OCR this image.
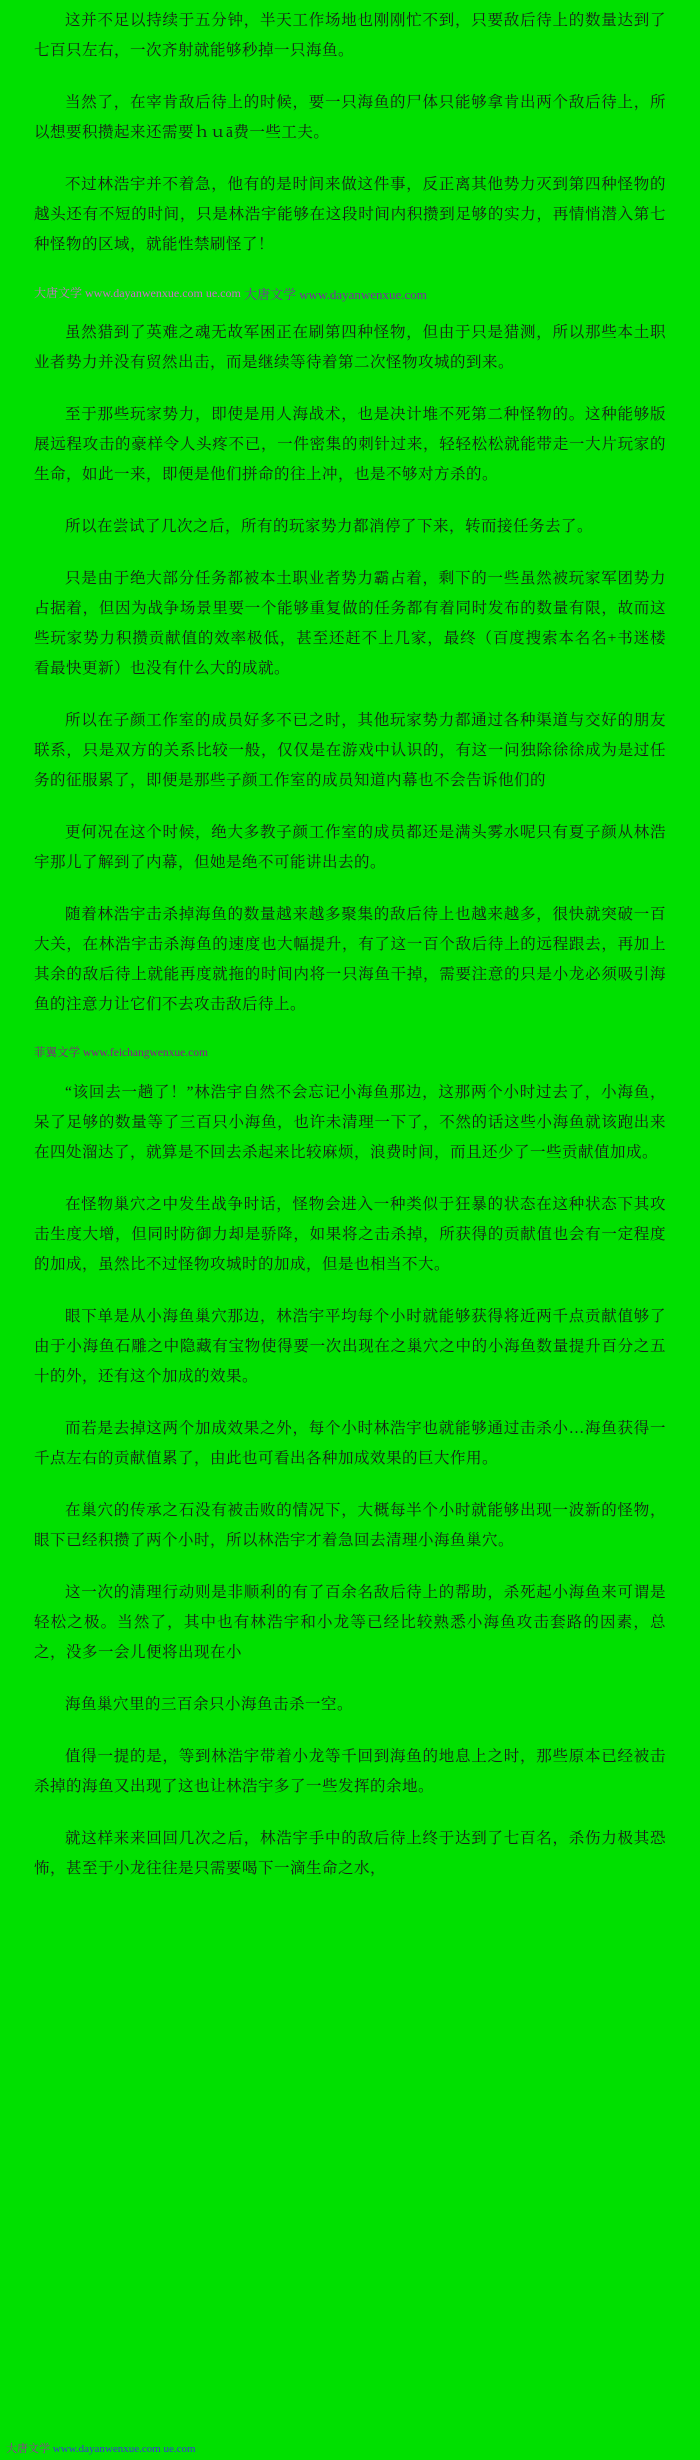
这并不足以持续于五分钟，半天工作场地也刚刚忙不到，只要敌后待上的数量达到了七百只左右，一次齐射就能够秒掉一只海鱼。

当然了，在宰肯敌后待上的时候，要一只海鱼的尸体只能够拿肯出两个敌后待上，所以想要积攒起来还需要ｈｕā费一些工夫。

不过林浩宇并不着急，他有的是时间来做这件事，反正离其他势力灭到第四种怪物的越头还有不短的时间，只是林浩宇能够在这段时间内积攒到足够的实力，再情悄潜入第七种怪物的区域，就能性禁刷怪了！

大唐文学 www.dayanwenxue.com ue.com 大唐文学 www.dayanwenxue.com

虽然猎到了英难之魂无故军困正在刷第四种怪物，但由于只是猎测，所以那些本土职业者势力并没有贸然出击，而是继续等待着第二次怪物攻城的到来。

至于那些玩家势力，即使是用人海战术，也是决计堆不死第二种怪物的。这种能够版展远程攻击的豪样令人头疼不已，一件密集的刺针过来，轻轻松松就能带走一大片玩家的生命，如此一来，即便是他们拼命的往上冲，也是不够对方杀的。

所以在尝试了几次之后，所有的玩家势力都消停了下来，转而接任务去了。

只是由于绝大部分任务都被本土职业者势力霸占着，剩下的一些虽然被玩家军团势力占据着，但因为战争场景里要一个能够重复做的任务都有着同时发布的数量有限，故而这些玩家势力积攒贡献值的效率极低，甚至还赶不上几家，最终（百度搜索本名名+书迷楼看最快更新）也没有什么大的成就。

所以在子颜工作室的成员好多不已之时，其他玩家势力都通过各种渠道与交好的朋友联系，只是双方的关系比较一般，仅仅是在游戏中认识的，有这一问独除徐徐成为是过任务的征服累了，即便是那些子颜工作室的成员知道内幕也不会告诉他们的

更何况在这个时候，绝大多教子颜工作室的成员都还是满头雾水呢只有夏子颜从林浩宇那儿了解到了内幕，但她是绝不可能讲出去的。

随着林浩宇击杀掉海鱼的数量越来越多聚集的敌后待上也越来越多，很快就突破一百大关，在林浩宇击杀海鱼的速度也大幅提升，有了这一百个敌后待上的远程跟去，再加上其余的敌后待上就能再度就拖的时间内将一只海鱼干掉，需要注意的只是小龙必须吸引海鱼的注意力让它们不去攻击敌后待上。

菲翼文学 www.feichangwenxue.com

“该回去一趟了！”林浩宇自然不会忘记小海鱼那边，这那两个小时过去了，小海鱼，呆了足够的数量等了三百只小海鱼，也许未清理一下了，不然的话这些小海鱼就该跑出来在四处溜达了，就算是不回去杀起来比较麻烦，浪费时间，而且还少了一些贡献值加成。

在怪物巢穴之中发生战争时话，怪物会进入一种类似于狂暴的状态在这种状态下其攻击生度大增，但同时防御力却是骄降，如果将之击杀掉，所获得的贡献值也会有一定程度的加成，虽然比不过怪物攻城时的加成，但是也相当不大。

眼下单是从小海鱼巢穴那边，林浩宇平均每个小时就能够获得将近两千点贡献值够了由于小海鱼石雕之中隐藏有宝物使得要一次出现在之巢穴之中的小海鱼数量提升百分之五十的外，还有这个加成的效果。

而若是去掉这两个加成效果之外，每个小时林浩宇也就能够通过击杀小…海鱼获得一千点左右的贡献值累了，由此也可看出各种加成效果的巨大作用。

在巢穴的传承之石没有被击败的情况下，大概每半个小时就能够出现一波新的怪物，眼下已经积攒了两个小时，所以林浩宇才着急回去清理小海鱼巢穴。

这一次的清理行动则是非顺利的有了百余名敌后待上的帮助，杀死起小海鱼来可谓是轻松之极。当然了，其中也有林浩宇和小龙等已经比较熟悉小海鱼攻击套路的因素，总之，没多一会儿便将出现在小

海鱼巢穴里的三百余只小海鱼击杀一空。

值得一提的是，等到林浩宇带着小龙等千回到海鱼的地息上之时，那些原本已经被击杀掉的海鱼又出现了这也让林浩宇多了一些发挥的余地。

就这样来来回回几次之后，林浩宇手中的敌后待上终于达到了七百名，杀伤力极其恐怖，甚至于小龙往往是只需要喝下一滴生命之水，

大唐文学 www.dayanwenxue.com ue.com
